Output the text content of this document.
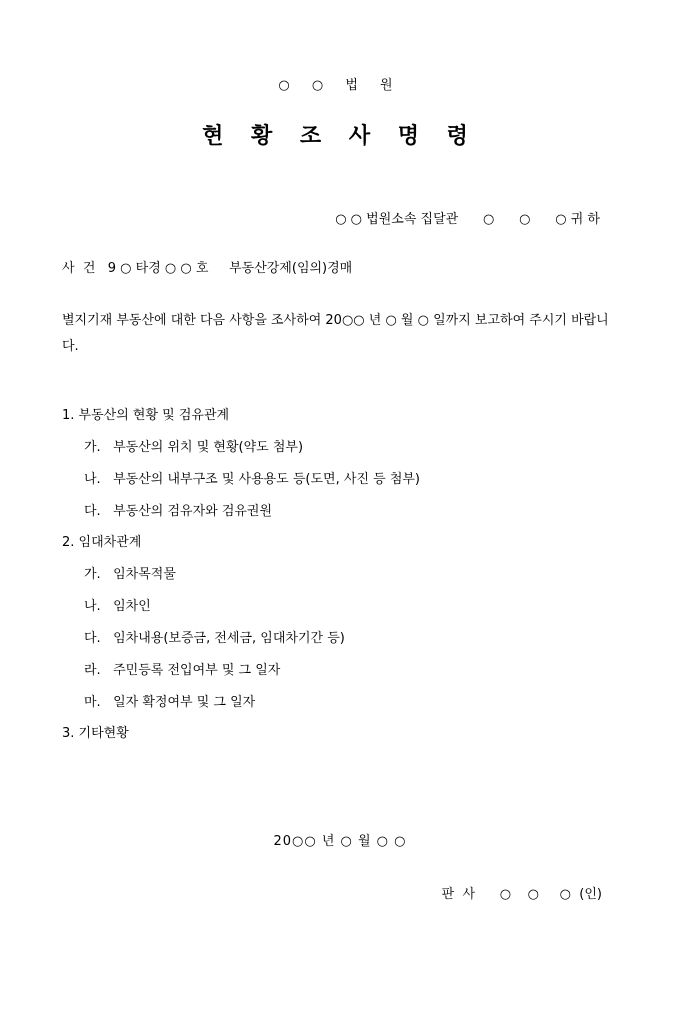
○ ○ 법 원
현 황 조 사 명 령
○ ○ 법원소속 집달관      ○      ○      ○ 귀 하
사  건   9 ○ 타경 ○ ○ 호     부동산강제(임의)경매
별지기재 부동산에 대한 다음 사항을 조사하여 20○○ 년 ○ 월 ○ 일까지 보고하여 주시기 바랍니다.
1. 부동산의 현황 및 검유관계
가.   부동산의 위치 및 현황(약도 첨부)
나.   부동산의 내부구조 및 사용용도 등(도면, 사진 등 첨부)
다.   부동산의 검유자와 검유권원
2. 임대차관계
가.   임차목적물
나.   임차인
다.   임차내용(보증금, 전세금, 임대차기간 등)
라.   주민등록 전입여부 및 그 일자
마.   일자 확정여부 및 그 일자
3. 기타현황
20○○ 년 ○ 월 ○ ○
판  사      ○    ○     ○  (인)
